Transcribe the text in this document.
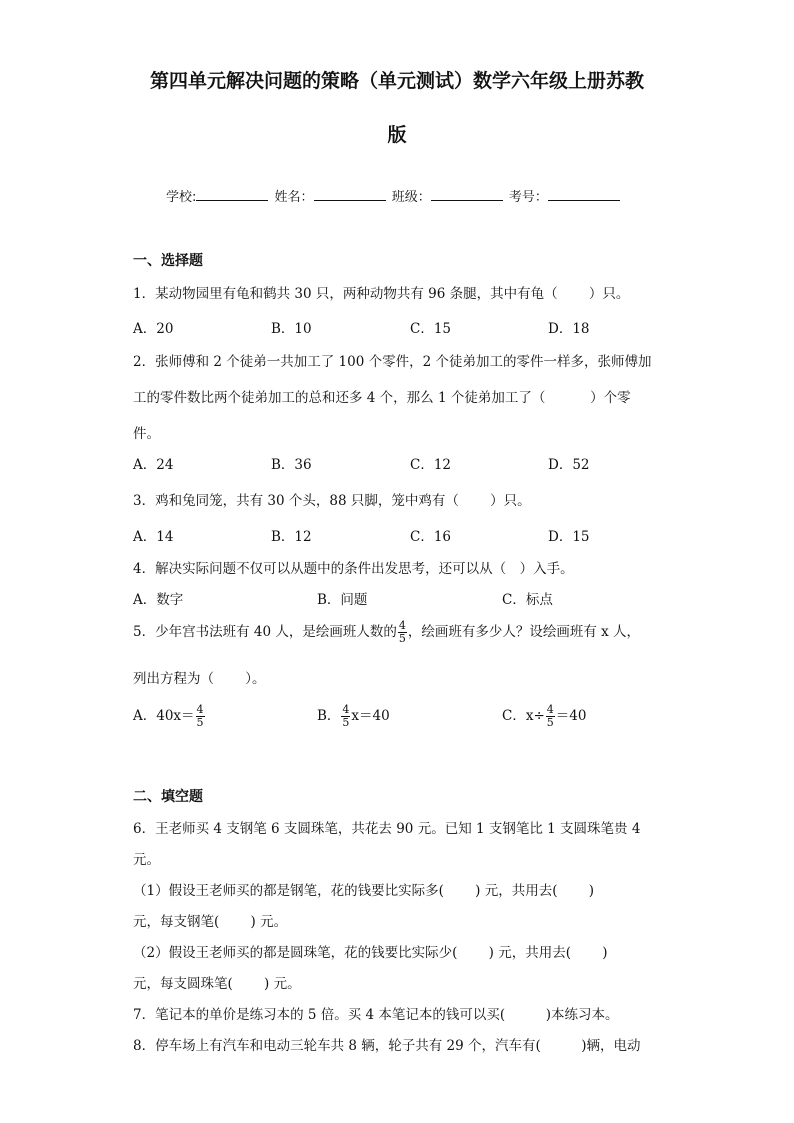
第四单元解决问题的策略（单元测试）数学六年级上册苏教
版
学校:	姓名：	班级：	考号：
一、选择题
1．某动物园里有龟和鹤共 30 只，两种动物共有 96 条腿，其中有龟（　　 ）只。
A．20	B．10	C．15	D．18
2．张师傅和 2 个徒弟一共加工了 100 个零件，2 个徒弟加工的零件一样多，张师傅加
工的零件数比两个徒弟加工的总和还多 4 个，那么 1 个徒弟加工了（　　　 ）个零
件。
A．24	B．36	C．12	D．52
3．鸡和兔同笼，共有 30 个头，88 只脚，笼中鸡有（　　 ）只。
A．14	B．12	C．16	D．15
4．解决实际问题不仅可以从题中的条件出发思考，还可以从（　）入手。
A．数字	B．问题	C．标点
5．少年宫书法班有 40 人，是绘画班人数的 $\frac{4}{5}$ ，绘画班有多少人？设绘画班有 x 人，
列出方程为（　　 ）。
A．$40x= \frac{4}{5}$	B． $\frac{4}{5} x=40$	C．$x\div \frac{4}{5} =40$
二、填空题
6．王老师买 4 支钢笔 6 支圆珠笔，共花去 90 元。已知 1 支钢笔比 1 支圆珠笔贵 4
元。
（1）假设王老师买的都是钢笔，花的钱要比实际多(　　 ) 元，共用去(　　 )
元，每支钢笔(　　 ) 元。
（2）假设王老师买的都是圆珠笔，花的钱要比实际少(　　 ) 元，共用去(　　 )
元，每支圆珠笔(　　 ) 元。
7．笔记本的单价是练习本的 5 倍。买 4 本笔记本的钱可以买(　　　)本练习本。
8．停车场上有汽车和电动三轮车共 8 辆，轮子共有 29 个，汽车有(　　　)辆，电动
